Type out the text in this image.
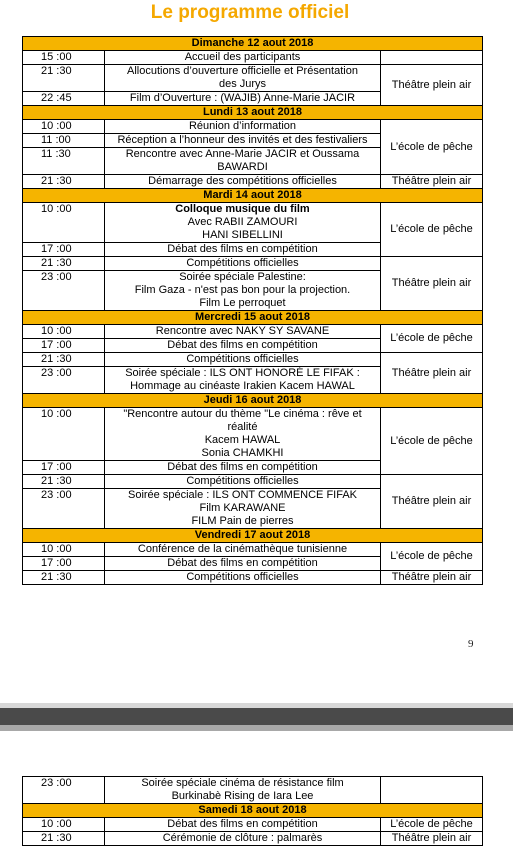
Le programme officiel
Dimanche 12 aout 2018		
15 :00	Accueil des participants	

21 :30	Allocutions d’ouverture officielle et Présentation
des Jurys	Théâtre plein air
22 :45	Film d’Ouverture : (WAJIB) Anne-Marie JACIR	

Lundi 13 aout 2018		
10 :00	Réunion d’information	L’école de pêche
11 :00	Réception a l’honneur des invités et des festivaliers	

11 :30	Rencontre avec Anne-Marie JACIR et Oussama
BAWARDI	

21 :30	Démarrage des compétitions officielles	Théâtre plein air
Mardi 14 aout 2018		
10 :00	Colloque musique du film
Avec RABII ZAMOURI
HANI SIBELLINI	L’école de pêche
17 :00	Débat des films en compétition	

21 :30	Compétitions officielles	Théâtre plein air
23 :00	Soirée spéciale Palestine:
Film Gaza - n'est pas bon pour la projection.
Film Le perroquet	

Mercredi 15 aout 2018		
10 :00	Rencontre avec NAKY SY SAVANE	L’école de pêche
17 :00	Débat des films en compétition	

21 :30	Compétitions officielles	Théâtre plein air
23 :00	Soirée spéciale : ILS ONT HONORÉ LE FIFAK :
Hommage au cinéaste Irakien Kacem HAWAL	

Jeudi 16 aout 2018		
10 :00	"Rencontre autour du thème "Le cinéma : rêve et réalité
Kacem HAWAL
Sonia CHAMKHI	L’école de pêche
17 :00	Débat des films en compétition	

21 :30	Compétitions officielles	Théâtre plein air
23 :00	Soirée spéciale : ILS ONT COMMENCE FIFAK
Film KARAWANE
FILM Pain de pierres	

Vendredi 17 aout 2018		
10 :00	Conférence de la cinémathèque tunisienne	L’école de pêche
17 :00	Débat des films en compétition	

21 :30	Compétitions officielles	Théâtre plein air
9
23 :00	Soirée spéciale cinéma de résistance film
Burkinabè Rising de Iara Lee	

Samedi 18 aout 2018		
10 :00	Débat des films en compétition	L’école de pêche
21 :30	Cérémonie de clôture : palmarès	Théâtre plein air
